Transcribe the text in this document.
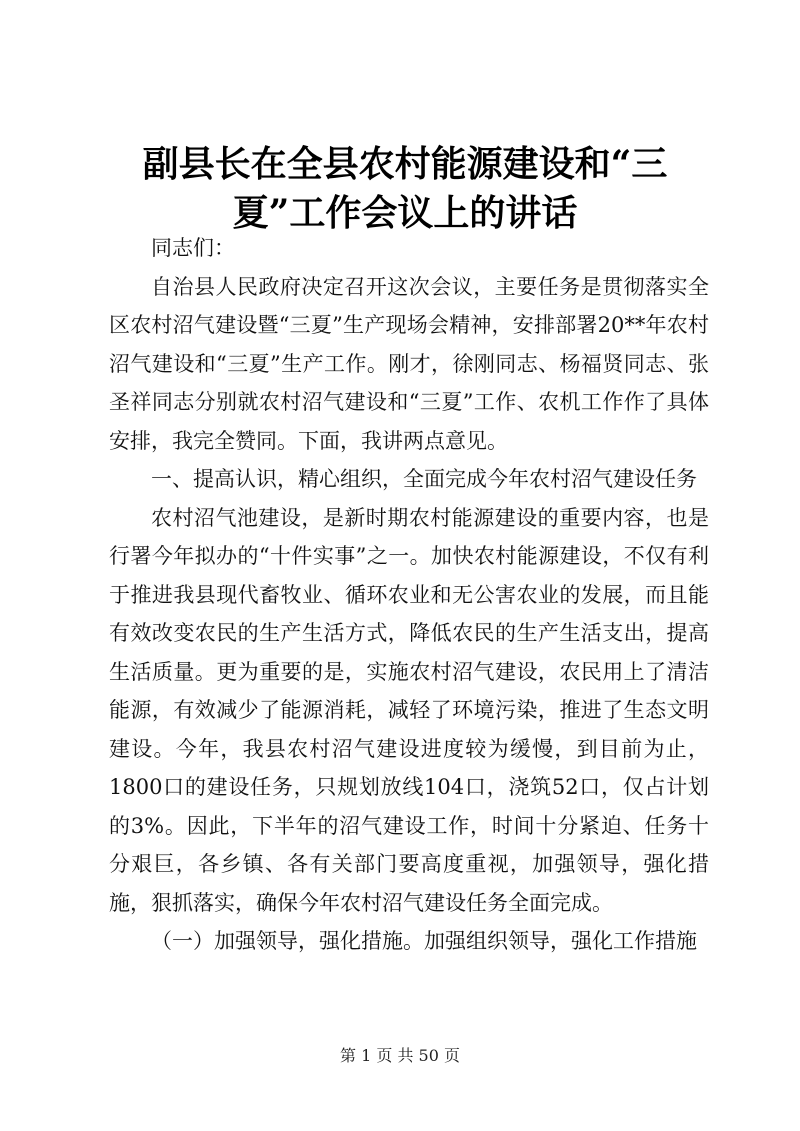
副县长在全县农村能源建设和“三夏”工作会议上的讲话

同志们：

自治县人民政府决定召开这次会议，主要任务是贯彻落实全区农村沼气建设暨“三夏”生产现场会精神，安排部署20**年农村沼气建设和“三夏”生产工作。刚才，徐刚同志、杨福贤同志、张圣祥同志分别就农村沼气建设和“三夏”工作、农机工作作了具体安排，我完全赞同。下面，我讲两点意见。

一、提高认识，精心组织，全面完成今年农村沼气建设任务

农村沼气池建设，是新时期农村能源建设的重要内容，也是行署今年拟办的“十件实事”之一。加快农村能源建设，不仅有利于推进我县现代畜牧业、循环农业和无公害农业的发展，而且能有效改变农民的生产生活方式，降低农民的生产生活支出，提高生活质量。更为重要的是，实施农村沼气建设，农民用上了清洁能源，有效减少了能源消耗，减轻了环境污染，推进了生态文明建设。今年，我县农村沼气建设进度较为缓慢，到目前为止，1800口的建设任务，只规划放线104口，浇筑52口，仅占计划的3%。因此，下半年的沼气建设工作，时间十分紧迫、任务十分艰巨，各乡镇、各有关部门要高度重视，加强领导，强化措施，狠抓落实，确保今年农村沼气建设任务全面完成。

（一）加强领导，强化措施。加强组织领导，强化工作措施

第 1 页 共 50 页
